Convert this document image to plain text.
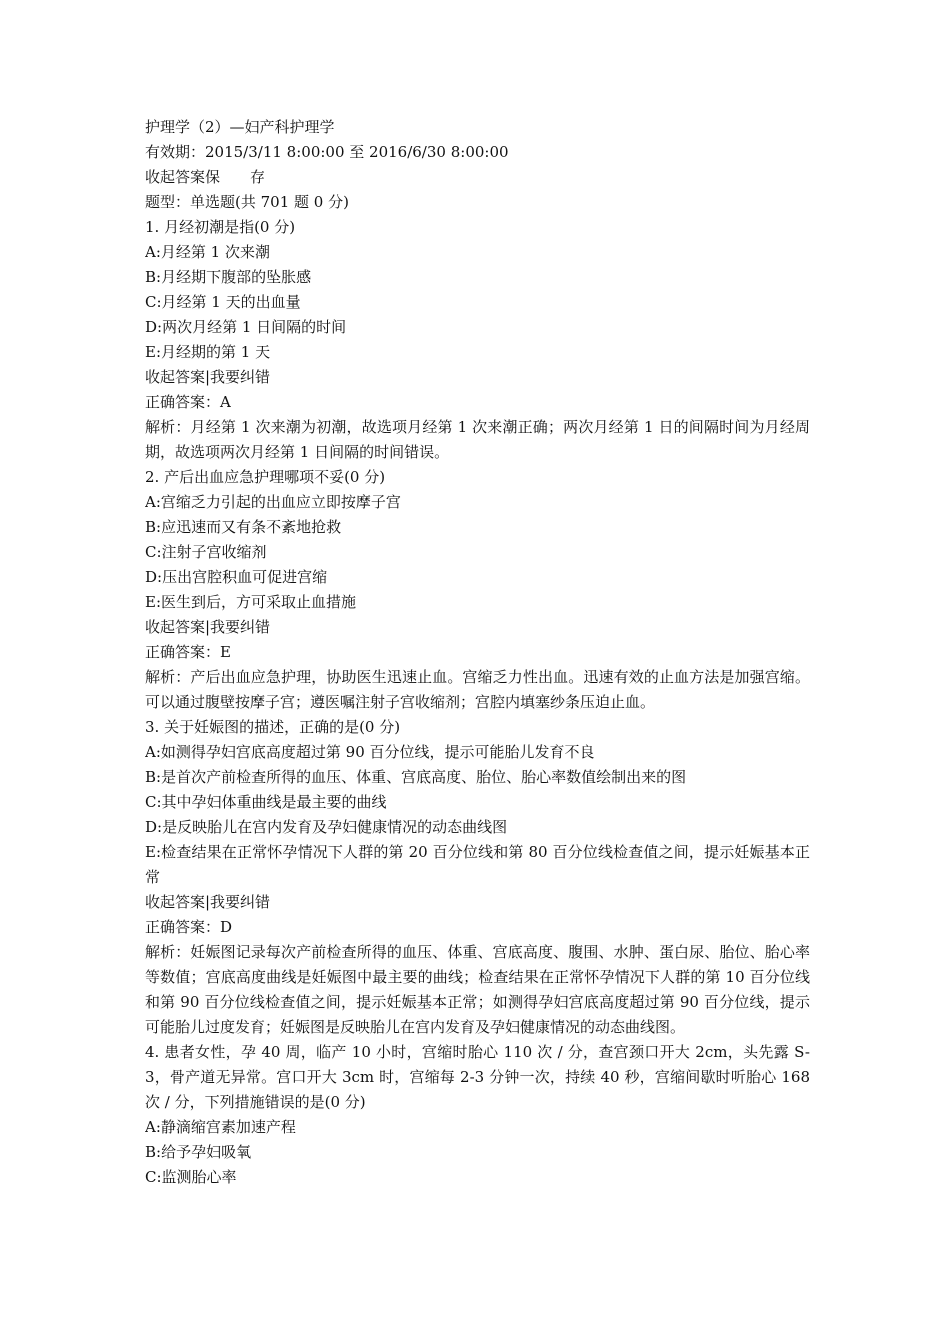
护理学（2）—妇产科护理学
有效期：2015/3/11 8:00:00 至 2016/6/30 8:00:00
收起答案保　　存
题型：单选题(共 701 题 0 分)
1. 月经初潮是指(0 分)
A:月经第 1 次来潮
B:月经期下腹部的坠胀感
C:月经第 1 天的出血量
D:两次月经第 1 日间隔的时间
E:月经期的第 1 天
收起答案|我要纠错
正确答案：A
解析：月经第 1 次来潮为初潮，故选项月经第 1 次来潮正确；两次月经第 1 日的间隔时间为月经周期，故选项两次月经第 1 日间隔的时间错误。
2. 产后出血应急护理哪项不妥(0 分)
A:宫缩乏力引起的出血应立即按摩子宫
B:应迅速而又有条不紊地抢救
C:注射子宫收缩剂
D:压出宫腔积血可促进宫缩
E:医生到后，方可采取止血措施
收起答案|我要纠错
正确答案：E
解析：产后出血应急护理，协助医生迅速止血。宫缩乏力性出血。迅速有效的止血方法是加强宫缩。可以通过腹壁按摩子宫；遵医嘱注射子宫收缩剂；宫腔内填塞纱条压迫止血。
3. 关于妊娠图的描述，正确的是(0 分)
A:如测得孕妇宫底高度超过第 90 百分位线，提示可能胎儿发育不良
B:是首次产前检查所得的血压、体重、宫底高度、胎位、胎心率数值绘制出来的图
C:其中孕妇体重曲线是最主要的曲线
D:是反映胎儿在宫内发育及孕妇健康情况的动态曲线图
E:检查结果在正常怀孕情况下人群的第 20 百分位线和第 80 百分位线检查值之间，提示妊娠基本正常
收起答案|我要纠错
正确答案：D
解析：妊娠图记录每次产前检查所得的血压、体重、宫底高度、腹围、水肿、蛋白尿、胎位、胎心率等数值；宫底高度曲线是妊娠图中最主要的曲线；检查结果在正常怀孕情况下人群的第 10 百分位线和第 90 百分位线检查值之间，提示妊娠基本正常；如测得孕妇宫底高度超过第 90 百分位线，提示可能胎儿过度发育；妊娠图是反映胎儿在宫内发育及孕妇健康情况的动态曲线图。
4. 患者女性，孕 40 周，临产 10 小时，宫缩时胎心 110 次 / 分，查宫颈口开大 2cm，头先露 S-3，骨产道无异常。宫口开大 3cm 时，宫缩每 2-3 分钟一次，持续 40 秒，宫缩间歇时听胎心 168 次 / 分，下列措施错误的是(0 分)
A:静滴缩宫素加速产程
B:给予孕妇吸氧
C:监测胎心率
